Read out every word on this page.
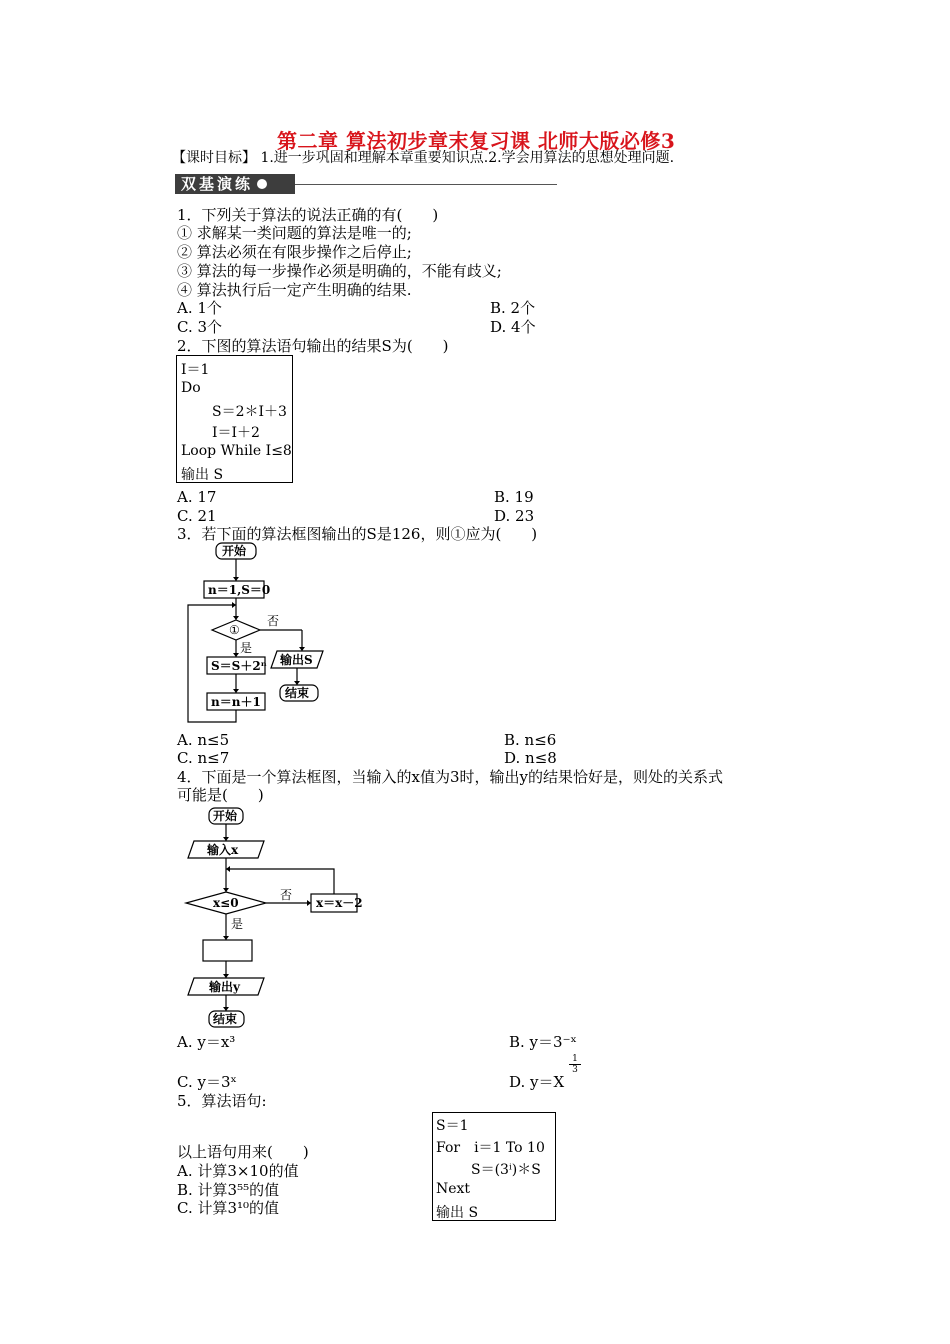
第二章 算法初步章末复习课 北师大版必修3
【课时目标】 1.进一步巩固和理解本章重要知识点.2.学会用算法的思想处理问题.
双基演练
1．下列关于算法的说法正确的有(　　)
① 求解某一类问题的算法是唯一的;
② 算法必须在有限步操作之后停止;
③ 算法的每一步操作必须是明确的，不能有歧义;
④ 算法执行后一定产生明确的结果.
A. 1个	B. 2个
C. 3个	D. 4个
2．下图的算法语句输出的结果S为(　　)
I＝1
Do
S＝2＊I＋3
I＝I＋2
Loop While I≤8
输出 S
A. 17	B. 19
C. 21	D. 23
3．若下面的算法框图输出的S是126，则①应为(　　)
开始
n＝1,S＝0
①
否
是
S＝S＋2ⁿ
n＝n＋1
输出S
结束
A. n≤5	B. n≤6
C. n≤7	D. n≤8
4．下面是一个算法框图，当输入的x值为3时，输出y的结果恰好是，则处的关系式
可能是(　　)
开始
输入x
x≤0
否
x＝x－2
是
输出y
结束
A. y＝x³	B. y＝3⁻ˣ
C. y＝3ˣ	D. y＝X
$\frac{1}{3}$
5．算法语句:
S＝1
For　i＝1 To 10
S＝(3ⁱ)＊S
Next
输出 S
以上语句用来(　　)
A. 计算3×10的值
B. 计算3⁵⁵的值
C. 计算3¹⁰的值
